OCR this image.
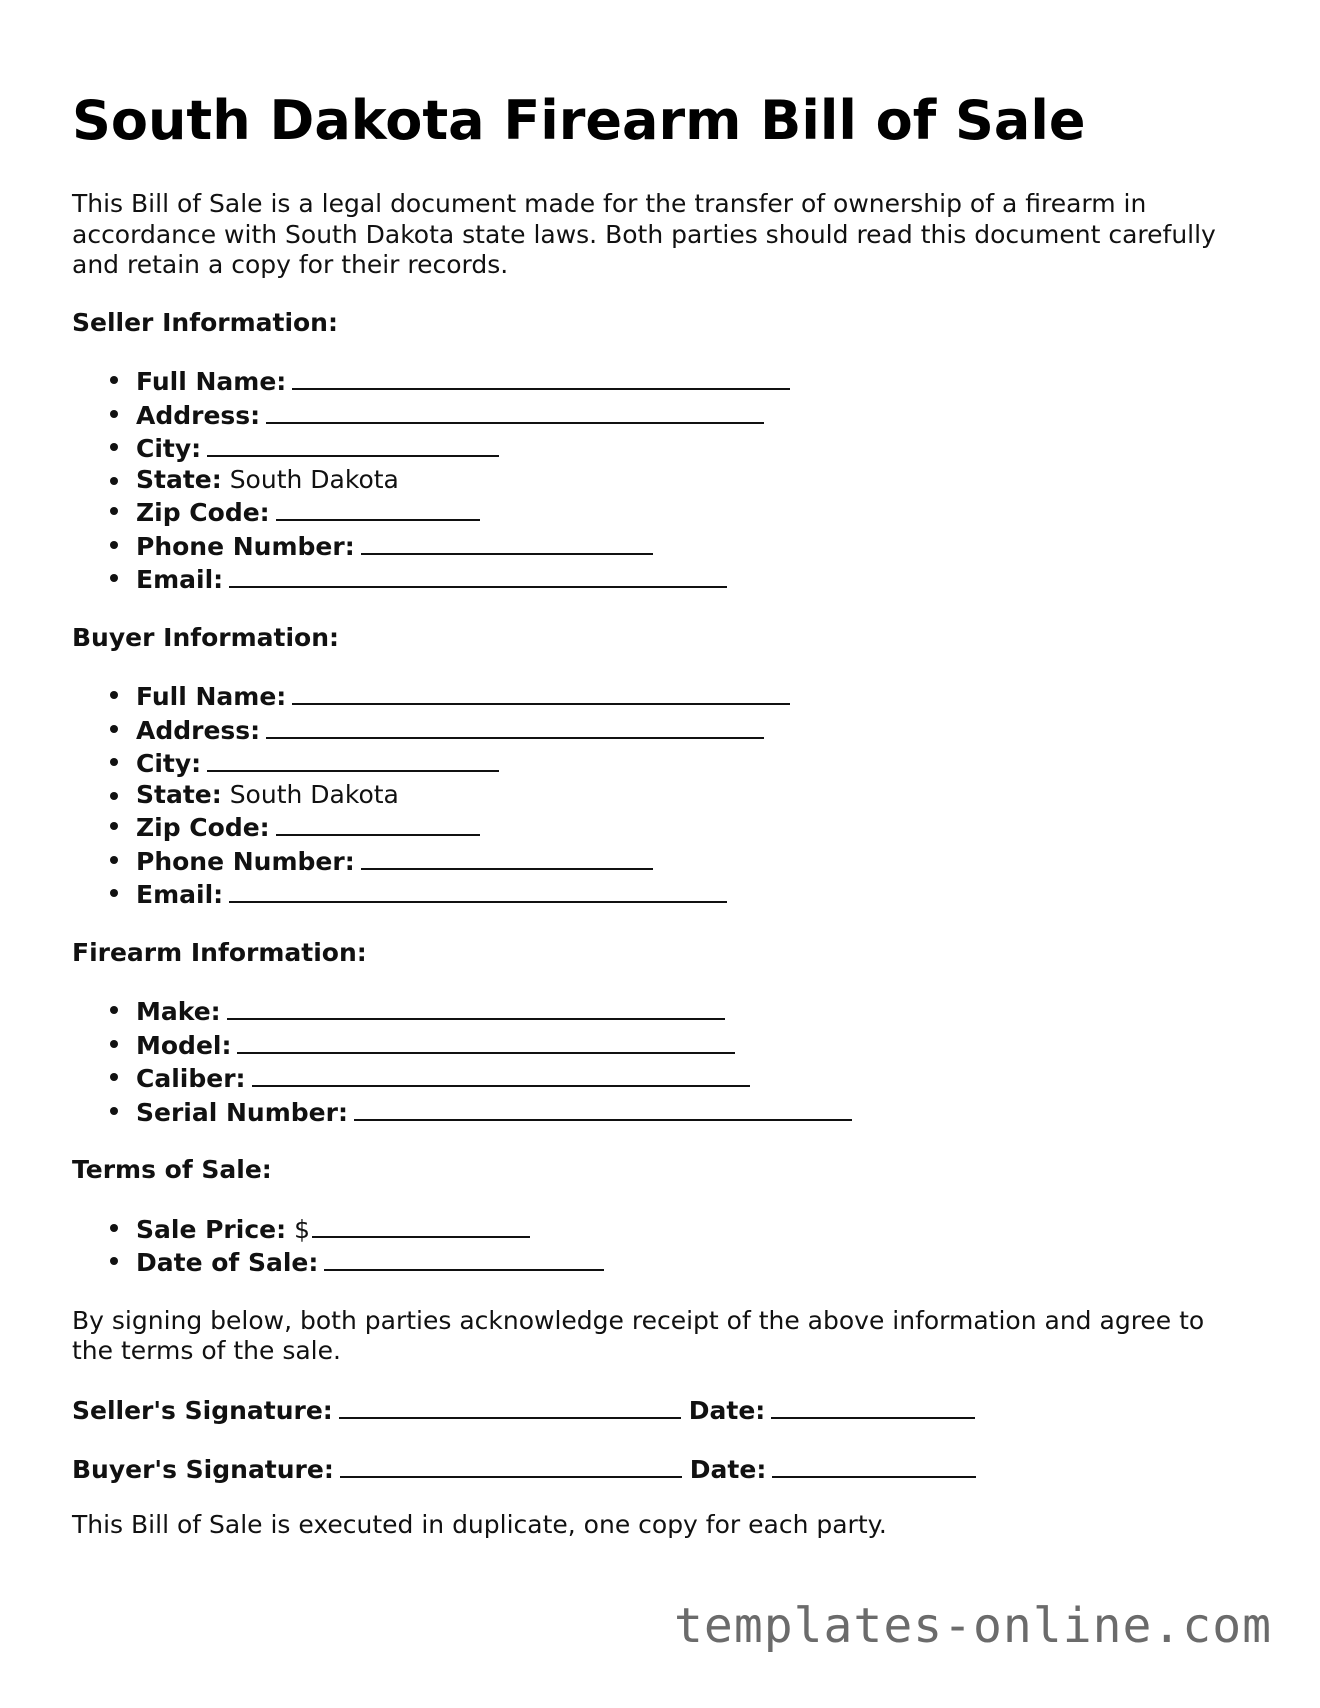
South Dakota Firearm Bill of Sale

This Bill of Sale is a legal document made for the transfer of ownership of a firearm in accordance with South Dakota state laws. Both parties should read this document carefully and retain a copy for their records.

Seller Information:
Full Name:
Address:
City:
State: South Dakota
Zip Code:
Phone Number:
Email:
Buyer Information:
Full Name:
Address:
City:
State: South Dakota
Zip Code:
Phone Number:
Email:
Firearm Information:
Make:
Model:
Caliber:
Serial Number:
Terms of Sale:
Sale Price: $
Date of Sale:

By signing below, both parties acknowledge receipt of the above information and agree to the terms of the sale.

Seller's Signature:	Date:
Buyer's Signature:	Date:

This Bill of Sale is executed in duplicate, one copy for each party.

templates-online.com
